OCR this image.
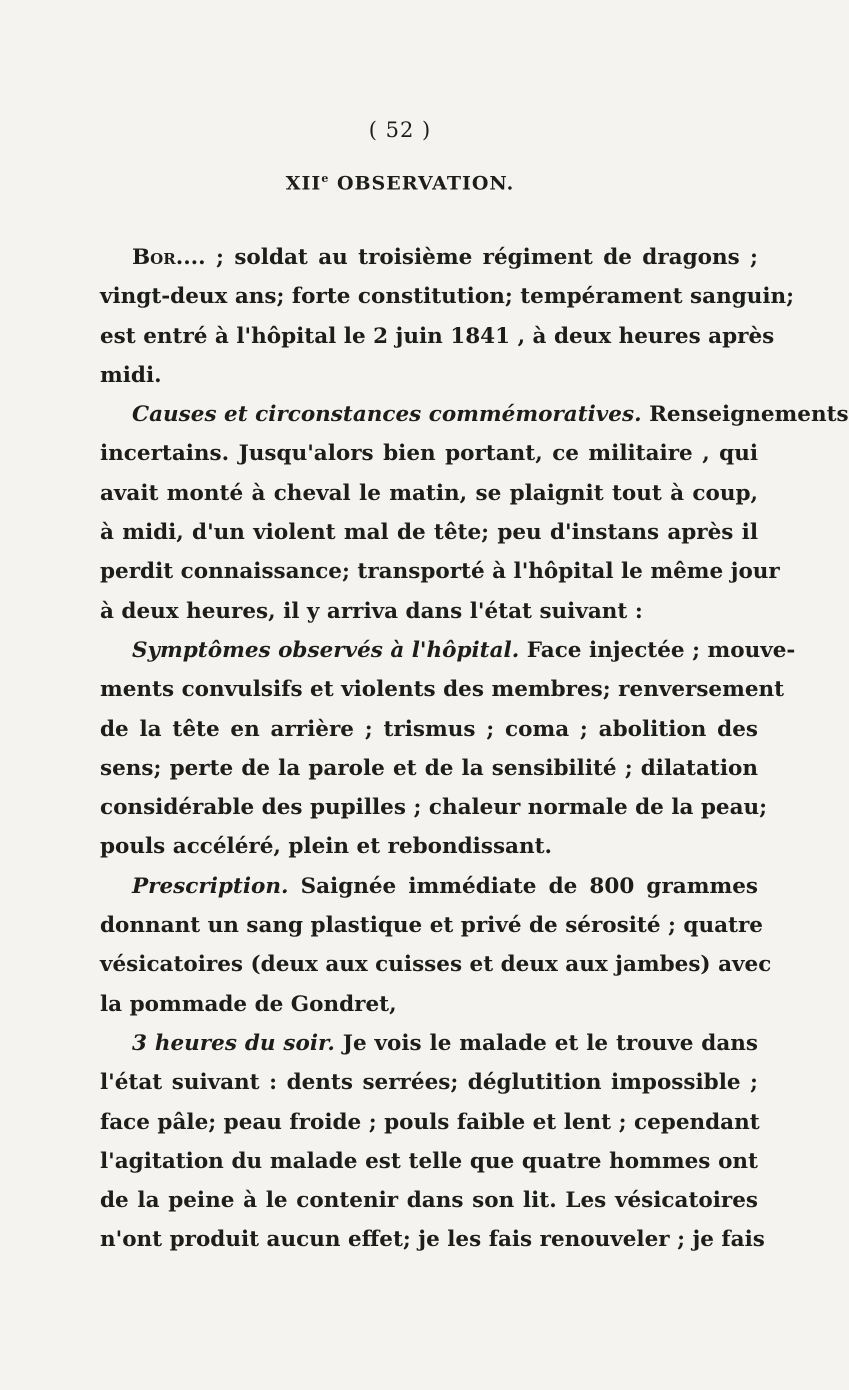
( 52 )
XIIe OBSERVATION.
Bor.... ; soldat au troisième régiment de dragons ;
vingt-deux ans; forte constitution; tempérament sanguin;
est entré à l'hôpital le 2 juin 1841 , à deux heures après
midi.
Causes et circonstances commémoratives. Renseignements
incertains. Jusqu'alors bien portant, ce militaire , qui
avait monté à cheval le matin, se plaignit tout à coup,
à midi, d'un violent mal de tête; peu d'instans après il
perdit connaissance; transporté à l'hôpital le même jour
à deux heures, il y arriva dans l'état suivant :
Symptômes observés à l'hôpital. Face injectée ; mouve-
ments convulsifs et violents des membres; renversement
de la tête en arrière ; trismus ; coma ; abolition des
sens; perte de la parole et de la sensibilité ; dilatation
considérable des pupilles ; chaleur normale de la peau;
pouls accéléré, plein et rebondissant.
Prescription. Saignée immédiate de 800 grammes
donnant un sang plastique et privé de sérosité ; quatre
vésicatoires (deux aux cuisses et deux aux jambes) avec
la pommade de Gondret,
3 heures du soir. Je vois le malade et le trouve dans
l'état suivant : dents serrées; déglutition impossible ;
face pâle; peau froide ; pouls faible et lent ; cependant
l'agitation du malade est telle que quatre hommes ont
de la peine à le contenir dans son lit. Les vésicatoires
n'ont produit aucun effet; je les fais renouveler ; je fais
